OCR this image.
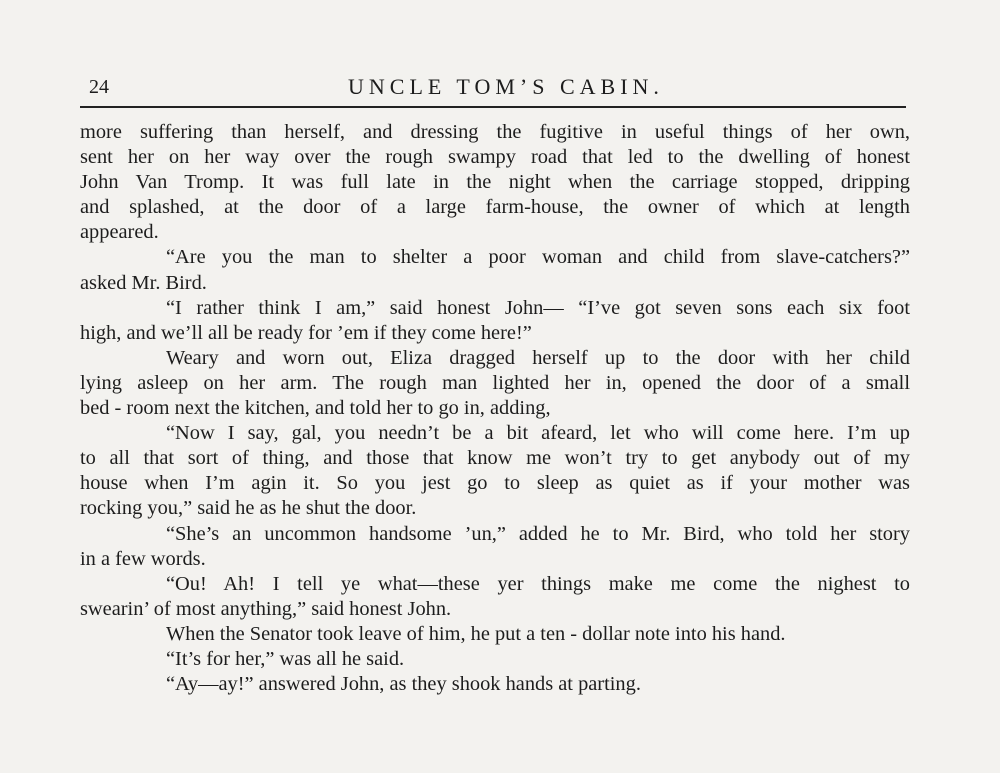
24	UNCLE TOM’S CABIN.
more suffering than herself, and dressing the fugitive in useful things of her own,
sent her on her way over the rough swampy road that led to the dwelling of honest
John Van Tromp. It was full late in the night when the carriage stopped, dripping
and splashed, at the door of a large farm-house, the owner of which at length
appeared.
“Are you the man to shelter a poor woman and child from slave-catchers?”
asked Mr. Bird.
“I rather think I am,” said honest John— “I’ve got seven sons each six foot
high, and we’ll all be ready for ’em if they come here!”
Weary and worn out, Eliza dragged herself up to the door with her child
lying asleep on her arm. The rough man lighted her in, opened the door of a small
bed - room next the kitchen, and told her to go in, adding,
“Now I say, gal, you needn’t be a bit afeard, let who will come here. I’m up
to all that sort of thing, and those that know me won’t try to get anybody out of my
house when I’m agin it. So you jest go to sleep as quiet as if your mother was
rocking you,” said he as he shut the door.
“She’s an uncommon handsome ’un,” added he to Mr. Bird, who told her story
in a few words.
“Ou! Ah! I tell ye what—these yer things make me come the nighest to
swearin’ of most anything,” said honest John.
When the Senator took leave of him, he put a ten - dollar note into his hand.
“It’s for her,” was all he said.
“Ay—ay!” answered John, as they shook hands at parting.
